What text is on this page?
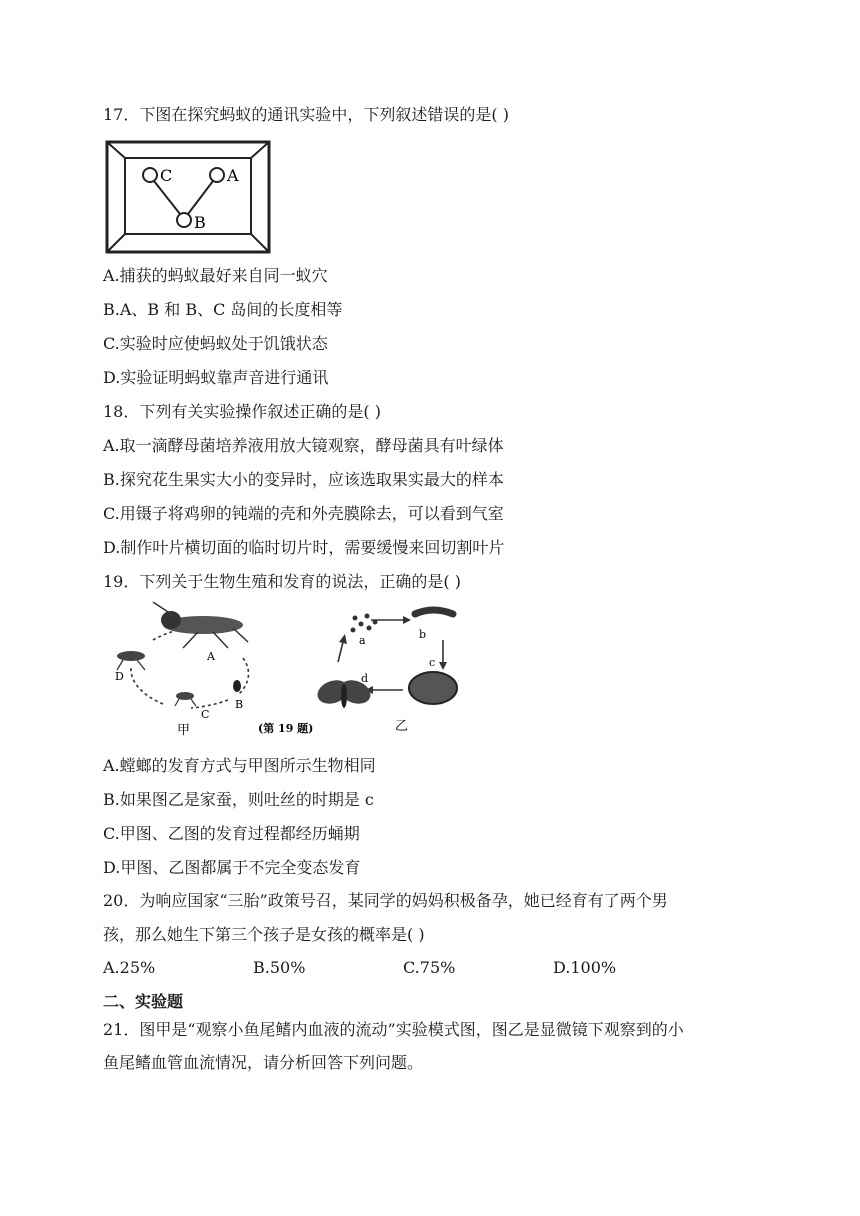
17．下图在探究蚂蚁的通讯实验中，下列叙述错误的是( )
C	A
B
A.捕获的蚂蚁最好来自同一蚁穴
B.A、B 和 B、C 岛间的长度相等
C.实验时应使蚂蚁处于饥饿状态
D.实验证明蚂蚁靠声音进行通讯
18．下列有关实验操作叙述正确的是( )
A.取一滴酵母菌培养液用放大镜观察，酵母菌具有叶绿体
B.探究花生果实大小的变异时，应该选取果实最大的样本
C.用镊子将鸡卵的钝端的壳和外壳膜除去，可以看到气室
D.制作叶片横切面的临时切片时，需要缓慢来回切割叶片
19．下列关于生物生殖和发育的说法，正确的是( )
A
B
C
D
甲	(第 19 题)
a	b
c
d
乙
A.螳螂的发育方式与甲图所示生物相同
B.如果图乙是家蚕，则吐丝的时期是 c
C.甲图、乙图的发育过程都经历蛹期
D.甲图、乙图都属于不完全变态发育
20．为响应国家“三胎”政策号召，某同学的妈妈积极备孕，她已经育有了两个男
孩，那么她生下第三个孩子是女孩的概率是( )
A.25%	B.50%	C.75%	D.100%
二、实验题
21．图甲是“观察小鱼尾鳍内血液的流动”实验模式图，图乙是显微镜下观察到的小
鱼尾鳍血管血流情况，请分析回答下列问题。
